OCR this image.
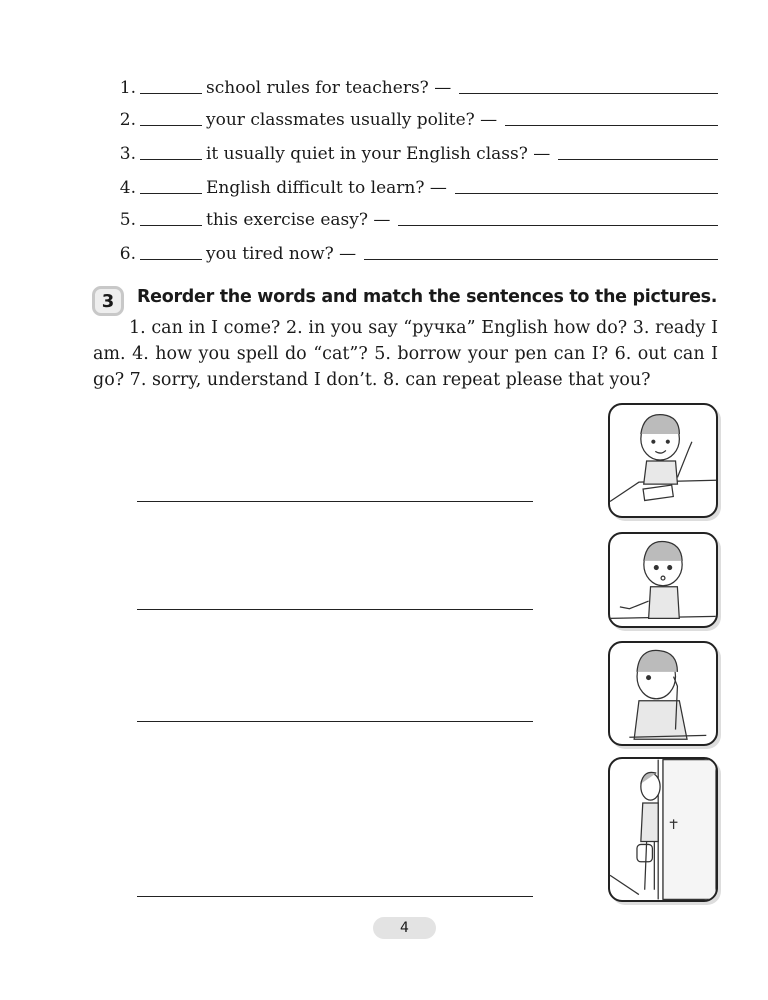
1.	school rules for teachers? —
2.	your classmates usually polite? —
3.	it usually quiet in your English class? —
4.	English difficult to learn? —
5.	this exercise easy? —
6.	you tired now? —
3	Reorder the words and match the sentences to the pictures.
1. can in I come? 2. in you say “ручка” English how do? 3. ready I am. 4. how you spell do “cat”? 5. borrow your pen can I? 6. out can I go? 7. sorry, understand I don’t. 8. can repeat please that you?
4
